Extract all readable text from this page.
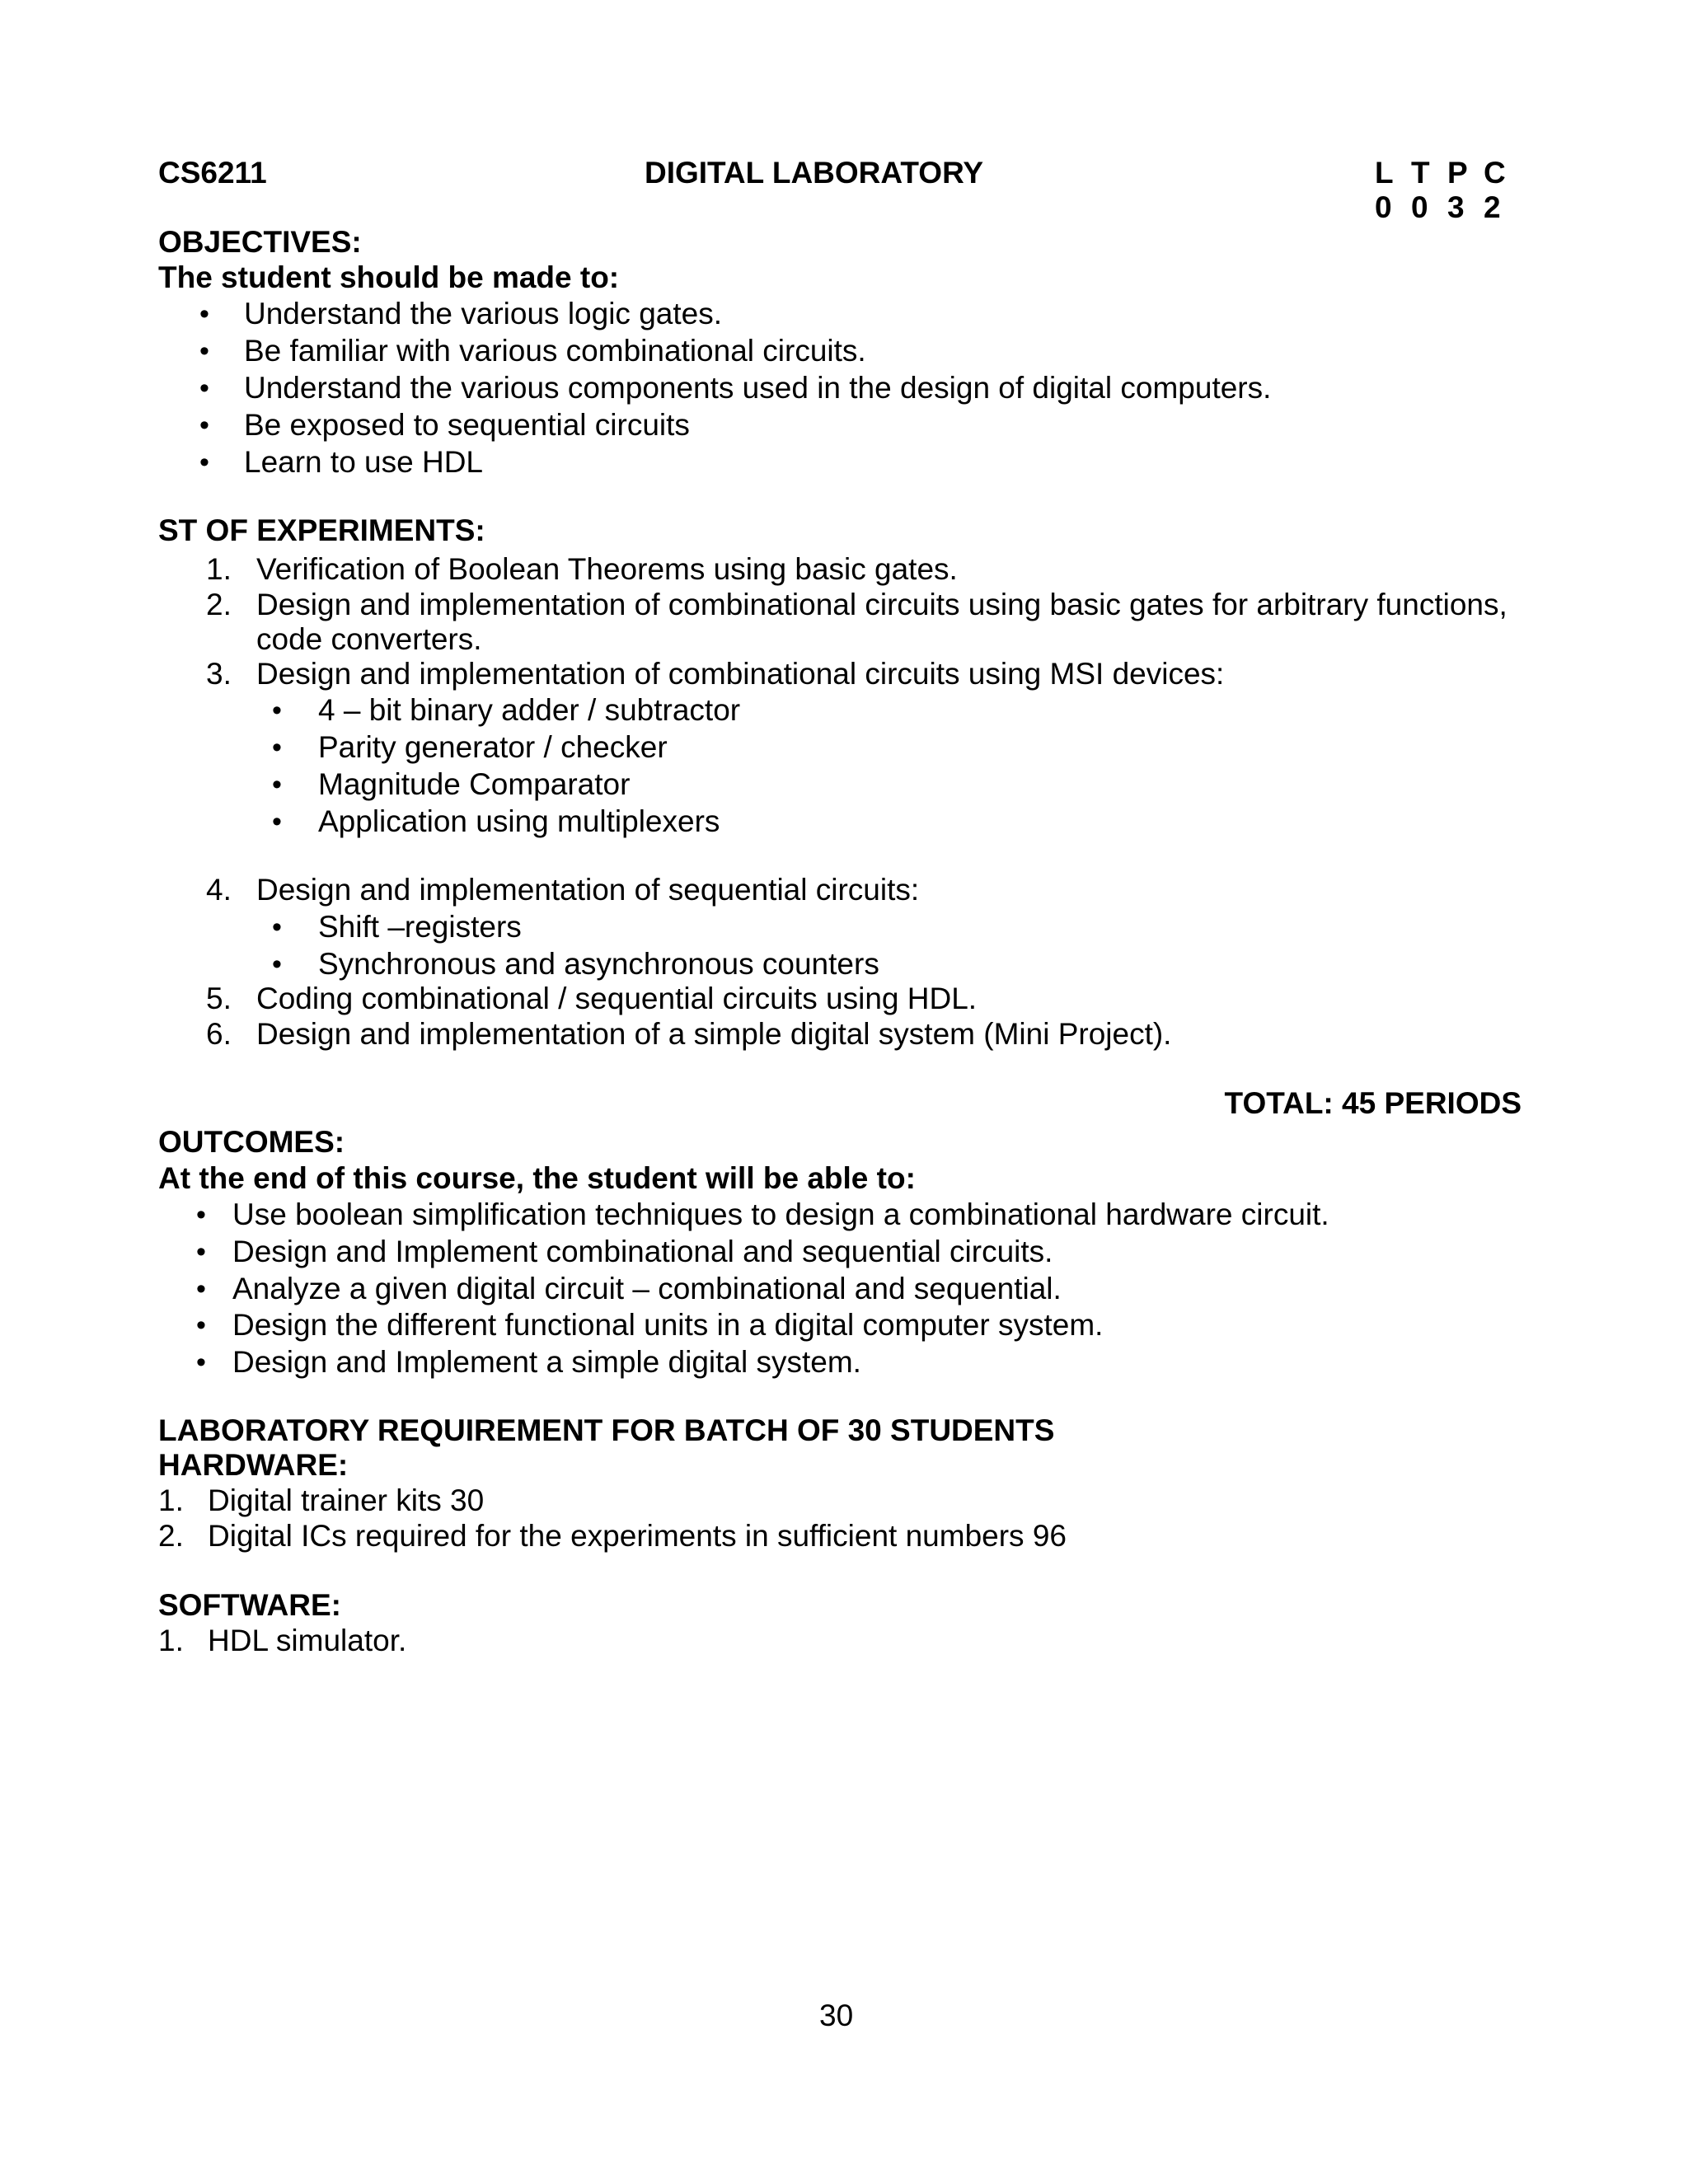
CS6211	DIGITAL LABORATORY	L T P C
0 0 3 2
OBJECTIVES:
The student should be made to:
• Understand the various logic gates.
• Be familiar with various combinational circuits.
• Understand the various components used in the design of digital computers.
• Be exposed to sequential circuits
• Learn to use HDL
ST OF EXPERIMENTS:
1. Verification of Boolean Theorems using basic gates.
2. Design and implementation of combinational circuits using basic gates for arbitrary functions,
code converters.
3. Design and implementation of combinational circuits using MSI devices:
• 4 – bit binary adder / subtractor
• Parity generator / checker
• Magnitude Comparator
• Application using multiplexers
4. Design and implementation of sequential circuits:
• Shift –registers
• Synchronous and asynchronous counters
5. Coding combinational / sequential circuits using HDL.
6. Design and implementation of a simple digital system (Mini Project).
TOTAL: 45 PERIODS
OUTCOMES:
At the end of this course, the student will be able to:
• Use boolean simplification techniques to design a combinational hardware circuit.
• Design and Implement combinational and sequential circuits.
• Analyze a given digital circuit – combinational and sequential.
• Design the different functional units in a digital computer system.
• Design and Implement a simple digital system.
LABORATORY REQUIREMENT FOR BATCH OF 30 STUDENTS
HARDWARE:
1. Digital trainer kits 30
2. Digital ICs required for the experiments in sufficient numbers 96
SOFTWARE:
1. HDL simulator.
30
